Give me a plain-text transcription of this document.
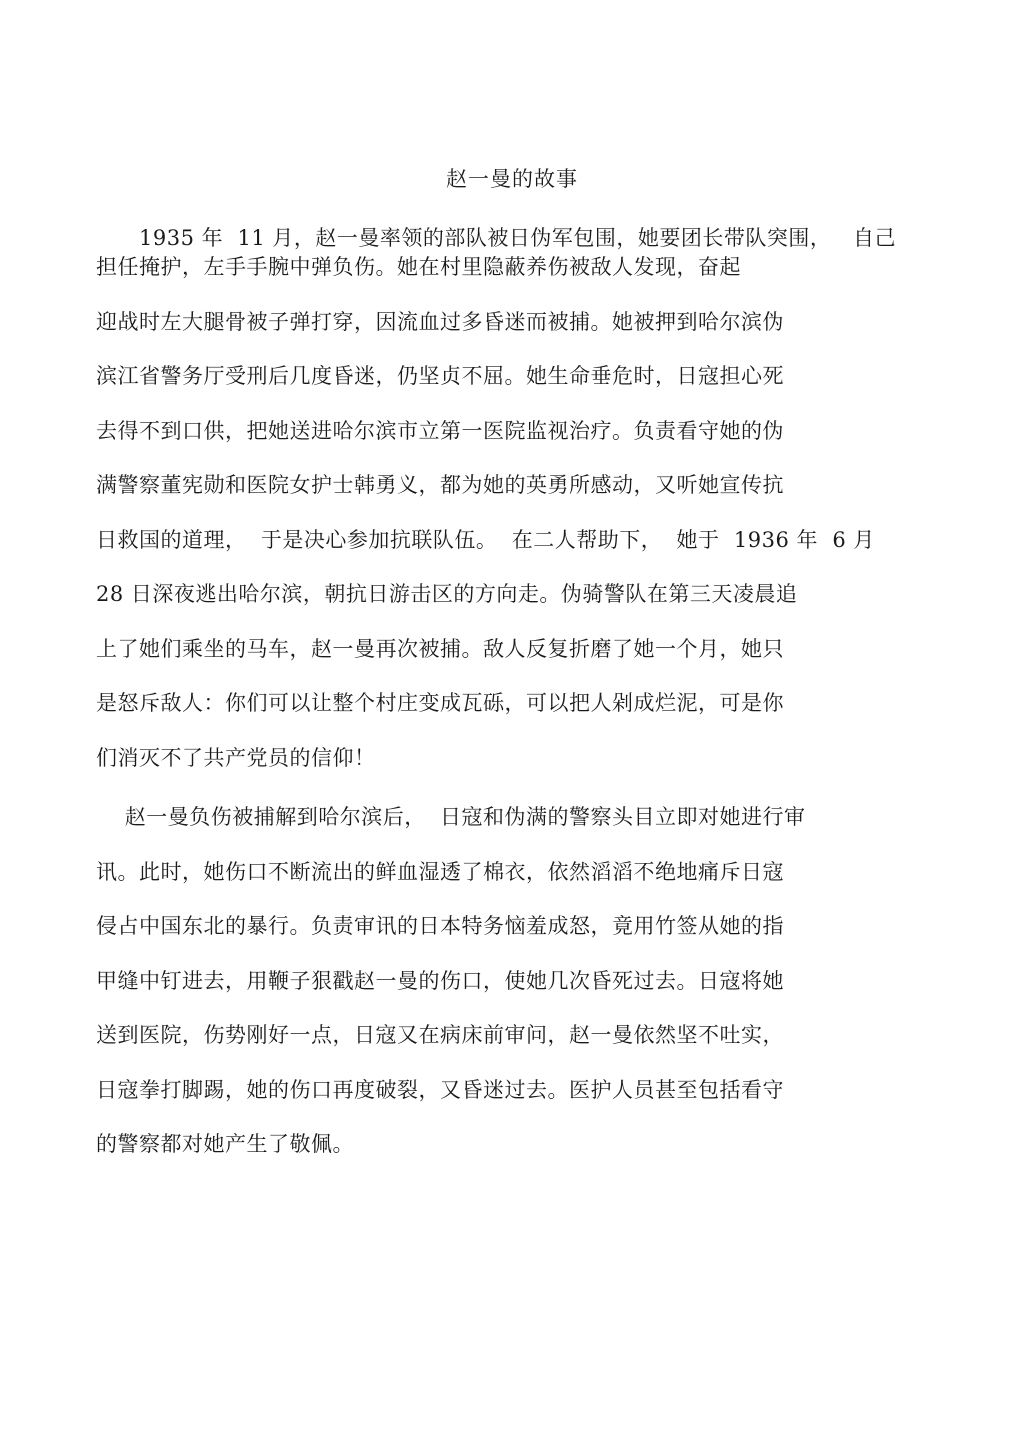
赵一曼的故事
1935 年  11 月，赵一曼率领的部队被日伪军包围，她要团长带队突围，   自己
担任掩护，左手手腕中弹负伤。她在村里隐蔽养伤被敌人发现，奋起
迎战时左大腿骨被子弹打穿，因流血过多昏迷而被捕。她被押到哈尔滨伪
滨江省警务厅受刑后几度昏迷，仍坚贞不屈。她生命垂危时，日寇担心死
去得不到口供，把她送进哈尔滨市立第一医院监视治疗。负责看守她的伪
满警察董宪勋和医院女护士韩勇义，都为她的英勇所感动，又听她宣传抗
日救国的道理，  于是决心参加抗联队伍。  在二人帮助下，  她于  1936 年  6 月
28 日深夜逃出哈尔滨，朝抗日游击区的方向走。伪骑警队在第三天凌晨追
上了她们乘坐的马车，赵一曼再次被捕。敌人反复折磨了她一个月，她只
是怒斥敌人：你们可以让整个村庄变成瓦砾，可以把人剁成烂泥，可是你
们消灭不了共产党员的信仰！
赵一曼负伤被捕解到哈尔滨后，  日寇和伪满的警察头目立即对她进行审
讯。此时，她伤口不断流出的鲜血湿透了棉衣，依然滔滔不绝地痛斥日寇
侵占中国东北的暴行。负责审讯的日本特务恼羞成怒，竟用竹签从她的指
甲缝中钉进去，用鞭子狠戳赵一曼的伤口，使她几次昏死过去。日寇将她
送到医院，伤势刚好一点，日寇又在病床前审问，赵一曼依然坚不吐实，
日寇拳打脚踢，她的伤口再度破裂，又昏迷过去。医护人员甚至包括看守
的警察都对她产生了敬佩。
